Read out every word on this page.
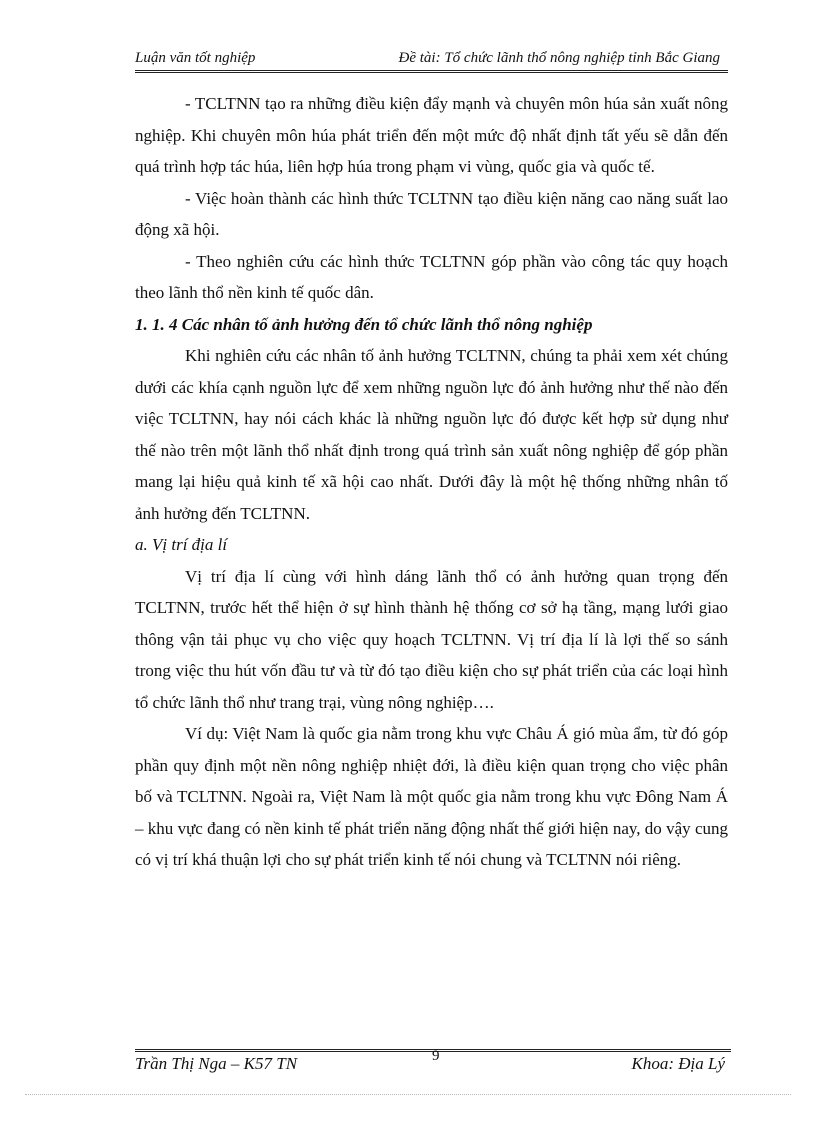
Luận văn tốt nghiệp	Đề tài: Tổ chức lãnh thổ nông nghiệp tỉnh Bắc Giang

- TCLTNN tạo ra những điều kiện đẩy mạnh và chuyên môn húa sản xuất nông nghiệp. Khi chuyên môn húa phát triển đến một mức độ nhất định tất yếu sẽ dẫn đến quá trình hợp tác húa, liên hợp húa trong phạm vi vùng, quốc gia và quốc tế.

- Việc hoàn thành các hình thức TCLTNN tạo điều kiện năng cao năng suất lao động xã hội.

- Theo nghiên cứu các hình thức TCLTNN góp phần vào công tác quy hoạch theo lãnh thổ nền kinh tế quốc dân.

1. 1. 4 Các nhân tố ảnh hưởng đến tổ chức lãnh thổ nông nghiệp

Khi nghiên cứu các nhân tố ảnh hưởng TCLTNN, chúng ta phải xem xét chúng dưới các khía cạnh nguồn lực để xem những nguồn lực đó ảnh hưởng như thế nào đến việc TCLTNN, hay nói cách khác là những nguồn lực đó được kết hợp sử dụng như thế nào trên một lãnh thổ nhất định trong quá trình sản xuất nông nghiệp để góp phần mang lại hiệu quả kinh tế xã hội cao nhất. Dưới đây là một hệ thống những nhân tố ảnh hưởng đến TCLTNN.

a. Vị trí địa lí

Vị trí địa lí cùng với hình dáng lãnh thổ có ảnh hưởng quan trọng đến TCLTNN, trước hết thể hiện ở sự hình thành hệ thống cơ sở hạ tầng, mạng lưới giao thông vận tải phục vụ cho việc quy hoạch TCLTNN. Vị trí địa lí là lợi thế so sánh trong việc thu hút vốn đầu tư và từ đó tạo điều kiện cho sự phát triển của các loại hình tổ chức lãnh thổ như trang trại, vùng nông nghiệp….

Ví dụ: Việt Nam là quốc gia nằm trong khu vực Châu Á gió mùa ẩm, từ đó góp phần quy định một nền nông nghiệp nhiệt đới, là điều kiện quan trọng cho việc phân bố và TCLTNN. Ngoài ra, Việt Nam là một quốc gia nằm trong khu vực Đông Nam Á – khu vực đang có nền kinh tế phát triển năng động nhất thế giới hiện nay, do vậy cung có vị trí khá thuận lợi cho sự phát triển kinh tế nói chung và TCLTNN nói riêng.

Trần Thị Nga – K57 TN	9	Khoa: Địa Lý
